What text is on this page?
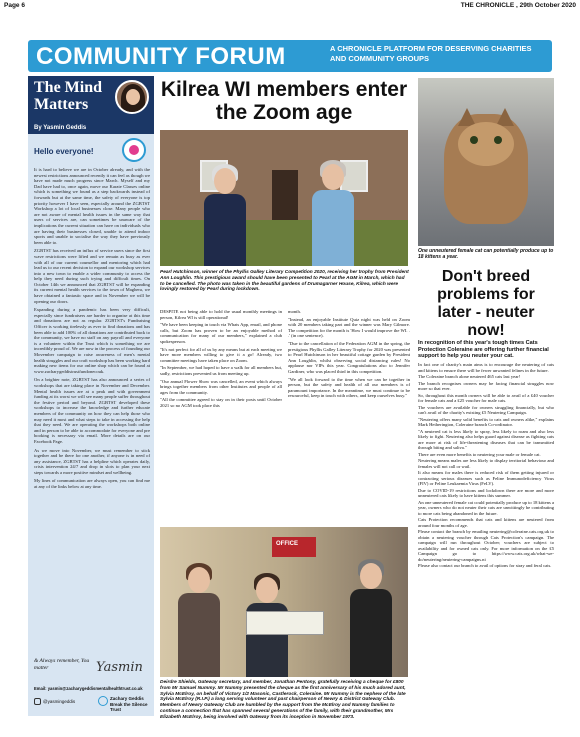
Page 6	THE CHRONICLE , 29th October 2020
COMMUNITY FORUM	A CHRONICLE PLATFORM FOR DESERVING CHARITIES AND COMMUNITY GROUPS
The Mind Matters
By Yasmin Geddis
Hello everyone!

It is hard to believe we are in October already, and with the newest restrictions announced recently it can feel as though we have not made much progress since March. Myself and my Dad have had to, once again, move our Karate Classes online which is something we found as a step backwards instead of forwards but at the same time, the safety of everyone is top priority however I have seen, especially around the ZGBTST Workshop a lot of local businesses close. Many people who are not aware of mental health issues in the same way that users of services are, can sometimes be unaware of the implications the current situation can have on individuals who are having their businesses closed, unable to attend indoor sports and unable to socialise the way they have previously been able to.

ZGBTST has received an influx of service users since the first wave restrictions were lifted and we remain as busy as ever with all of our current counsellor and mentoring which had lead us to our recent decision to expand our workshop services into a new town to enable a wider community to access the help they need during such trying and difficult times. On October 14th we announced that ZGBTST will be expanding its current mental health services to the town of Maghera, we have obtained a fantastic space and in November we will be opening our doors.

Expanding during a pandemic has been very difficult, especially since fundraisers are harder to organise at this time and donations are not as regular. ZGBTST's Fundraising Officer is working tirelessly as ever to find donations and has been able to add 100% of all donations are contributed back to the community, we have no staff on any payroll and everyone is a volunteer within the Trust which is something we are incredibly proud of. We are now in the process of founding our Movember campaign to raise awareness of men's mental health struggles and our craft workshop has been working hard making new items for our online shop which can be found at www.zacharygeddistrustfundonecouk.

On a brighter note, ZGBTST has also announced a series of workshops that are taking place in November and December. Mental health issues are at a peak and with government funding at its worst we will see many people suffer throughout the festive period and beyond. ZGBTST developed these workshops to increase the knowledge and further educate members of the community on how they can help those who may need it most and what steps to take in accessing the help that they need. We are operating the workshops both online and in person to be able to accommodate for everyone and pre booking is necessary via email. More details are on our Facebook Page.

As we move into November, we must remember to stick together and be there for one another, if anyone is in need of any assistance, ZGBTST has a helpline which operates daily, crisis intervention 24/7 and drop in slots to plan your next steps towards a more positive mindset and wellbeing.

My lines of communication are always open, you can find me at any of the links below at any time.

& Always remember, You matter	Yasmin
Email: yasmin@zacharygeddismentalhealthtrust.co.uk
@yasmingeddis
Zachary Geddis Break the Silence Trust
Kilrea WI members enter the Zoom age
Pearl Hutchinson, winner of the Phyllis Galley Literary Competition 2020, receiving her trophy from President Ann Loughlin. This prestigious award should have been presented to Pearl at the AGM in March, which had to be cancelled. The photo was taken in the beautiful gardens of Drumagarner House, Kilrea, which were lovingly restored by Pearl during lockdown.

DESPITE not being able to hold the usual monthly meetings in person, Kilrea WI is still operational!

"We have been keeping in touch via Whats App, email, and phone calls, but Zoom has proven to be an enjoyable method of communication for many of our members," explained a club spokesperson.

"It's not perfect for all of us by any means but at each meeting we have more members willing to give it a go! Already, two committee meetings have taken place on Zoom.

"In September, we had hoped to have a walk for all members but, sadly, restrictions prevented us from meeting up.

"Our annual Flower Show was cancelled, an event which always brings together members from other Institutes and people of all ages from the community.

"All the committee agreed to stay on in their posts until October 2021 so no AGM took place this

month.

"Instead, an enjoyable Institute Quiz night was held on Zoom with 20 members taking part and the winner was Mary Gilmore. The competition for the month is 'How I would improve the WI. . .' (in one sentence).

"Due to the cancellation of the Federation AGM in the spring, the prestigious Phyllis Galley Literary Trophy for 2020 was presented to Pearl Hutchinson in her beautiful cottage garden by President Ann Loughlin, whilst observing social distancing rules! No applause nor VIPs this year. Congratulations also to Jennifer Gardiner, who was placed third in this competition.

"We all look forward to the time when we can be together in person, but the safety and health of all our members is of paramount importance. In the meantime, we must continue to be resourceful, keep in touch with others, and keep ourselves busy."

OFFICE
Deirdre Shields, Gateway secretary, and member, Jonathan Pentony, gratefully receiving a cheque for £800 from Mr Samuel Nummy. Mr Nummy presented the cheque as the first anniversary of his much adored aunt, Sylvia McElroy, on behalf of Victory 1/2 Masonic, Castlerock, Coleraine. Mr Nummy is the nephew of the late Sylvia McElroy (R.I.P.) a long serving volunteer and past chairperson of Newry & District Gateway Club. Members of Newry Gateway Club are humbled by the support from the McElroy and Nummy families to continue a connection that has spanned several generations of the family, with their grandmother, Mrs Elizabeth McElroy, being involved with Gateway from its inception in November 1973.
One unneutered female cat can potentially produce up to 18 kittens a year.
Don't breed problems for later - neuter now!
In recognition of this year's tough times Cats Protection Coleraine are offering further financial support to help you neuter your cat.

In fact one of charity's main aims is to encourage the neutering of cats and kittens to ensure there will be fewer unwanted felines in the future.

The Coleraine branch alone neutered 465 cats last year!

The branch recognises owners may be facing financial struggles now more so that ever.

So, throughout this month owners will be able to avail of a £40 voucher for female cats and a £25 voucher for male cats.

The vouchers are available for owners struggling financially, but who can't avail of the charity's existing £5 Neutering Campaign.

"Neutering offers many solid benefits to cats and owners alike," explains Mark Hetherington, Coleraine branch Co-ordinator.

"A neutered cat is less likely to spray, less likely to roam and also less likely to fight. Neutering also helps guard against disease as fighting cats are more at risk of life-threatening diseases that can be transmitted through biting and saliva."

There are even more benefits to neutering your male or female cat.

Neutering means males are less likely to display territorial behaviour and females will not call or wail.

It also means for males there is reduced risk of them getting injured or contracting serious diseases such as Feline Immunodeficiency Virus (FIV) or Feline Leukaemia Virus (FeLV).

Due to COVID-19 restrictions and lockdown there are more and more unneutered cats likely to have kittens this summer.

An one unneutered female cat could potentially produce up to 18 kittens a year, owners who do not neuter their cats are unwittingly be contributing to more cats being abandoned in the future.

Cats Protection recommends that cats and kittens are neutered from around four months of age.

Please contact the branch by emailing neutering@coleraine.cats.org.uk to obtain a neutering voucher through Cats Protection's campaign. The campaign will run throughout October; vouchers are subject to availability and for owned cats only. For more information on the £5 Campaign go to https://www.cats.org.uk/what-we-do/neutering/neutering-campaigns.ni

Please also contact our branch to avail of options for stray and feral cats.
